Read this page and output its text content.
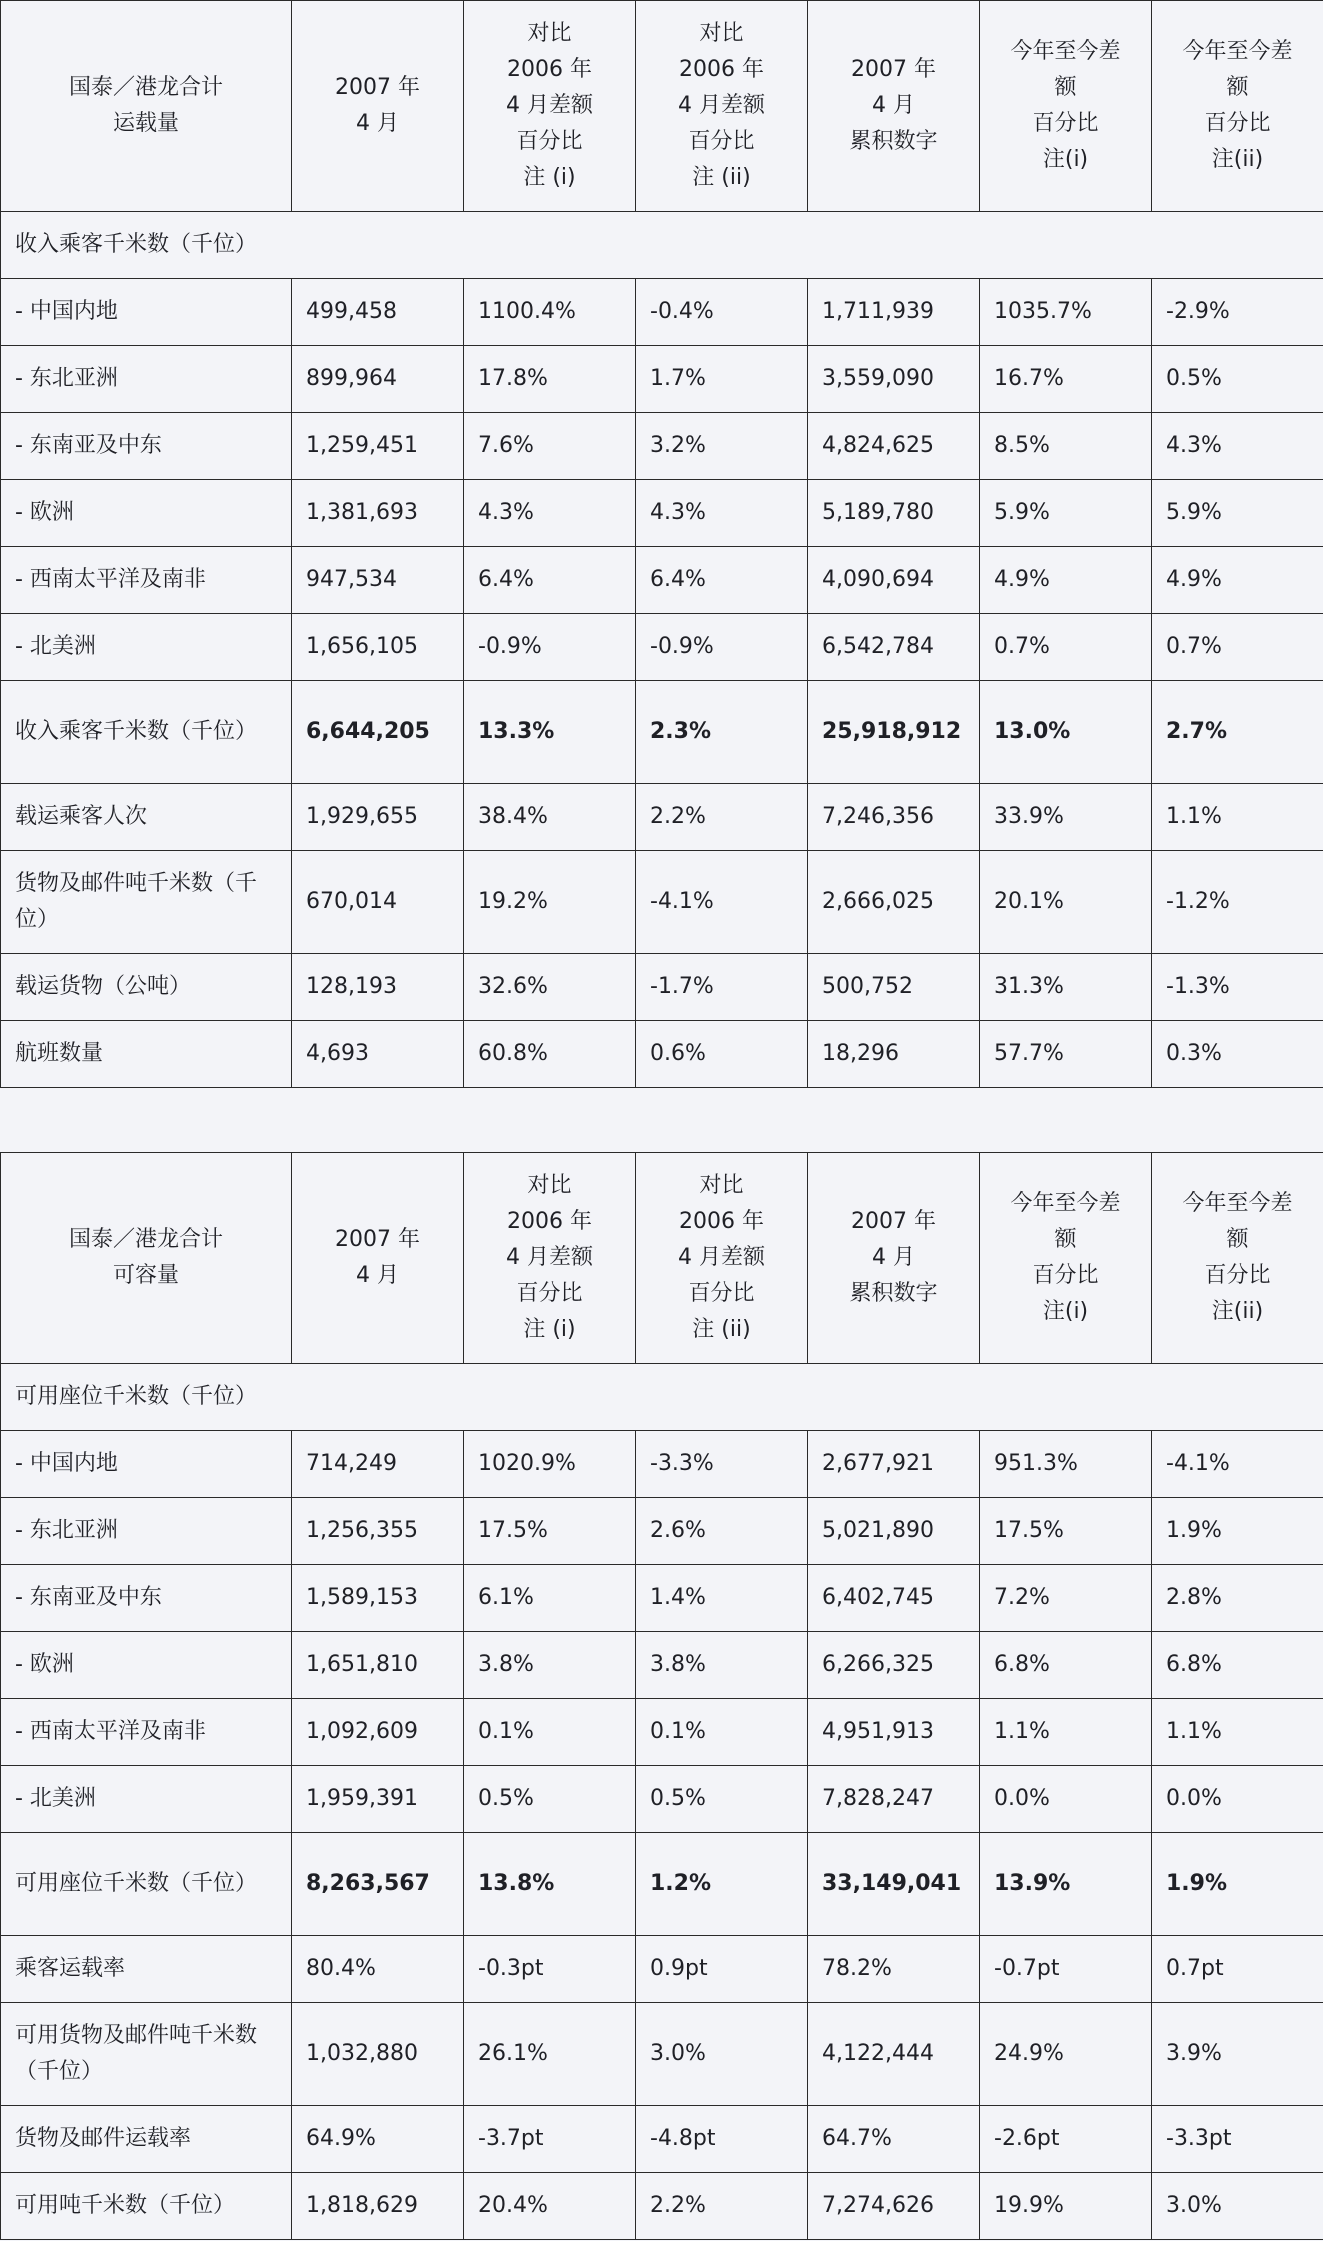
国泰／港龙合计
运载量	2007 年
4 月	对比
2006 年
4 月差额
百分比
注 (i)	对比
2006 年
4 月差额
百分比
注 (ii)	2007 年
4 月
累积数字	今年至今差
额
百分比
注(i)	今年至今差
额
百分比
注(ii)

收入乘客千米数（千位）						
- 中国内地	499,458	1100.4%	-0.4%	1,711,939	1035.7%	-2.9%
- 东北亚洲	899,964	17.8%	1.7%	3,559,090	16.7%	0.5%
- 东南亚及中东	1,259,451	7.6%	3.2%	4,824,625	8.5%	4.3%
- 欧洲	1,381,693	4.3%	4.3%	5,189,780	5.9%	5.9%
- 西南太平洋及南非	947,534	6.4%	6.4%	4,090,694	4.9%	4.9%
- 北美洲	1,656,105	-0.9%	-0.9%	6,542,784	0.7%	0.7%
收入乘客千米数（千位）	6,644,205	13.3%	2.3%	25,918,912	13.0%	2.7%
载运乘客人次	1,929,655	38.4%	2.2%	7,246,356	33.9%	1.1%
货物及邮件吨千米数（千位）	670,014	19.2%	-4.1%	2,666,025	20.1%	-1.2%
载运货物（公吨）	128,193	32.6%	-1.7%	500,752	31.3%	-1.3%
航班数量	4,693	60.8%	0.6%	18,296	57.7%	0.3%
国泰／港龙合计
可容量	2007 年
4 月	对比
2006 年
4 月差额
百分比
注 (i)	对比
2006 年
4 月差额
百分比
注 (ii)	2007 年
4 月
累积数字	今年至今差
额
百分比
注(i)	今年至今差
额
百分比
注(ii)

可用座位千米数（千位）						
- 中国内地	714,249	1020.9%	-3.3%	2,677,921	951.3%	-4.1%
- 东北亚洲	1,256,355	17.5%	2.6%	5,021,890	17.5%	1.9%
- 东南亚及中东	1,589,153	6.1%	1.4%	6,402,745	7.2%	2.8%
- 欧洲	1,651,810	3.8%	3.8%	6,266,325	6.8%	6.8%
- 西南太平洋及南非	1,092,609	0.1%	0.1%	4,951,913	1.1%	1.1%
- 北美洲	1,959,391	0.5%	0.5%	7,828,247	0.0%	0.0%
可用座位千米数（千位）	8,263,567	13.8%	1.2%	33,149,041	13.9%	1.9%
乘客运载率	80.4%	-0.3pt	0.9pt	78.2%	-0.7pt	0.7pt
可用货物及邮件吨千米数（千位）	1,032,880	26.1%	3.0%	4,122,444	24.9%	3.9%
货物及邮件运载率	64.9%	-3.7pt	-4.8pt	64.7%	-2.6pt	-3.3pt
可用吨千米数（千位）	1,818,629	20.4%	2.2%	7,274,626	19.9%	3.0%
